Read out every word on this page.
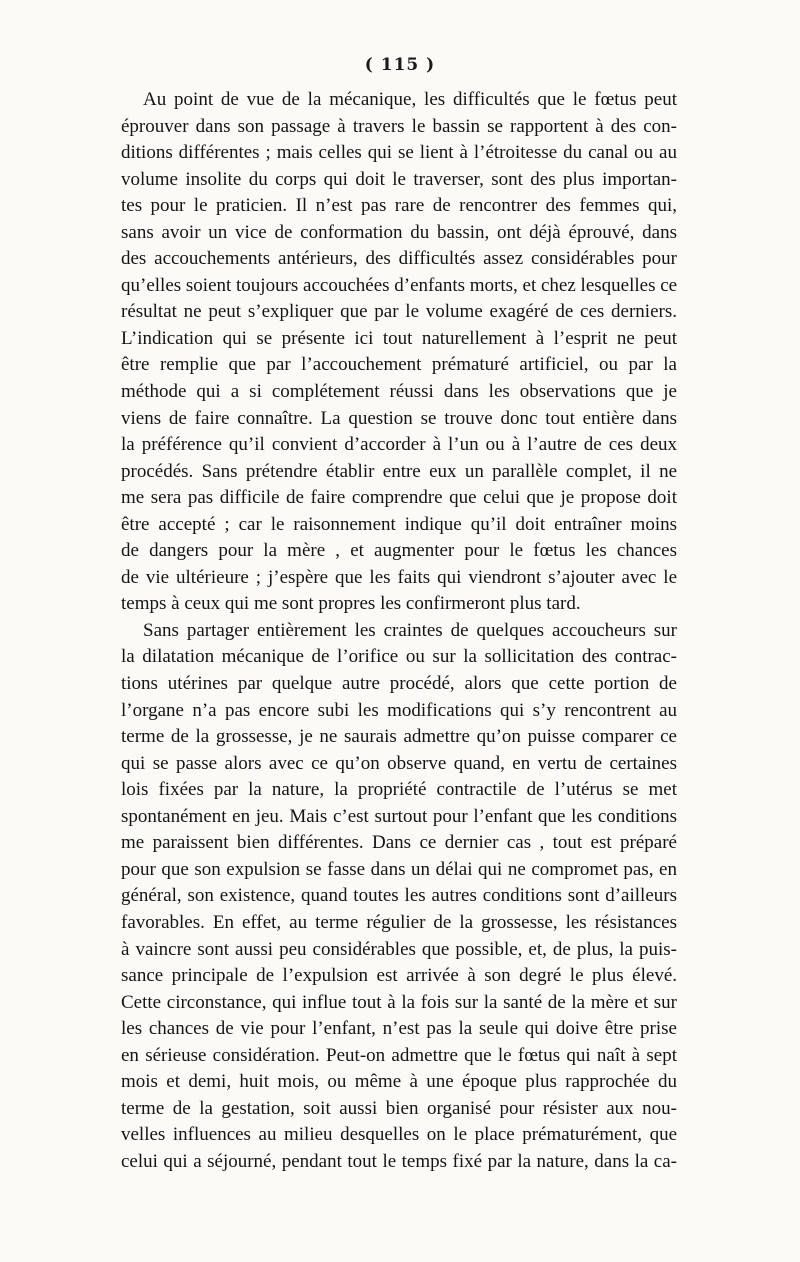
( 115 )
Au point de vue de la mécanique, les difficultés que le fœtus peut
éprouver dans son passage à travers le bassin se rapportent à des con-
ditions différentes ; mais celles qui se lient à l’étroitesse du canal ou au
volume insolite du corps qui doit le traverser, sont des plus importan-
tes pour le praticien. Il n’est pas rare de rencontrer des femmes qui,
sans avoir un vice de conformation du bassin, ont déjà éprouvé, dans
des accouchements antérieurs, des difficultés assez considérables pour
qu’elles soient toujours accouchées d’enfants morts, et chez lesquelles ce
résultat ne peut s’expliquer que par le volume exagéré de ces derniers.
L’indication qui se présente ici tout naturellement à l’esprit ne peut
être remplie que par l’accouchement prématuré artificiel, ou par la
méthode qui a si complétement réussi dans les observations que je
viens de faire connaître. La question se trouve donc tout entière dans
la préférence qu’il convient d’accorder à l’un ou à l’autre de ces deux
procédés. Sans prétendre établir entre eux un parallèle complet, il ne
me sera pas difficile de faire comprendre que celui que je propose doit
être accepté ; car le raisonnement indique qu’il doit entraîner moins
de dangers pour la mère , et augmenter pour le fœtus les chances
de vie ultérieure ; j’espère que les faits qui viendront s’ajouter avec le
temps à ceux qui me sont propres les confirmeront plus tard.
Sans partager entièrement les craintes de quelques accoucheurs sur
la dilatation mécanique de l’orifice ou sur la sollicitation des contrac-
tions utérines par quelque autre procédé, alors que cette portion de
l’organe n’a pas encore subi les modifications qui s’y rencontrent au
terme de la grossesse, je ne saurais admettre qu’on puisse comparer ce
qui se passe alors avec ce qu’on observe quand, en vertu de certaines
lois fixées par la nature, la propriété contractile de l’utérus se met
spontanément en jeu. Mais c’est surtout pour l’enfant que les conditions
me paraissent bien différentes. Dans ce dernier cas , tout est préparé
pour que son expulsion se fasse dans un délai qui ne compromet pas, en
général, son existence, quand toutes les autres conditions sont d’ailleurs
favorables. En effet, au terme régulier de la grossesse, les résistances
à vaincre sont aussi peu considérables que possible, et, de plus, la puis-
sance principale de l’expulsion est arrivée à son degré le plus élevé.
Cette circonstance, qui influe tout à la fois sur la santé de la mère et sur
les chances de vie pour l’enfant, n’est pas la seule qui doive être prise
en sérieuse considération. Peut-on admettre que le fœtus qui naît à sept
mois et demi, huit mois, ou même à une époque plus rapprochée du
terme de la gestation, soit aussi bien organisé pour résister aux nou-
velles influences au milieu desquelles on le place prématurément, que
celui qui a séjourné, pendant tout le temps fixé par la nature, dans la ca-
